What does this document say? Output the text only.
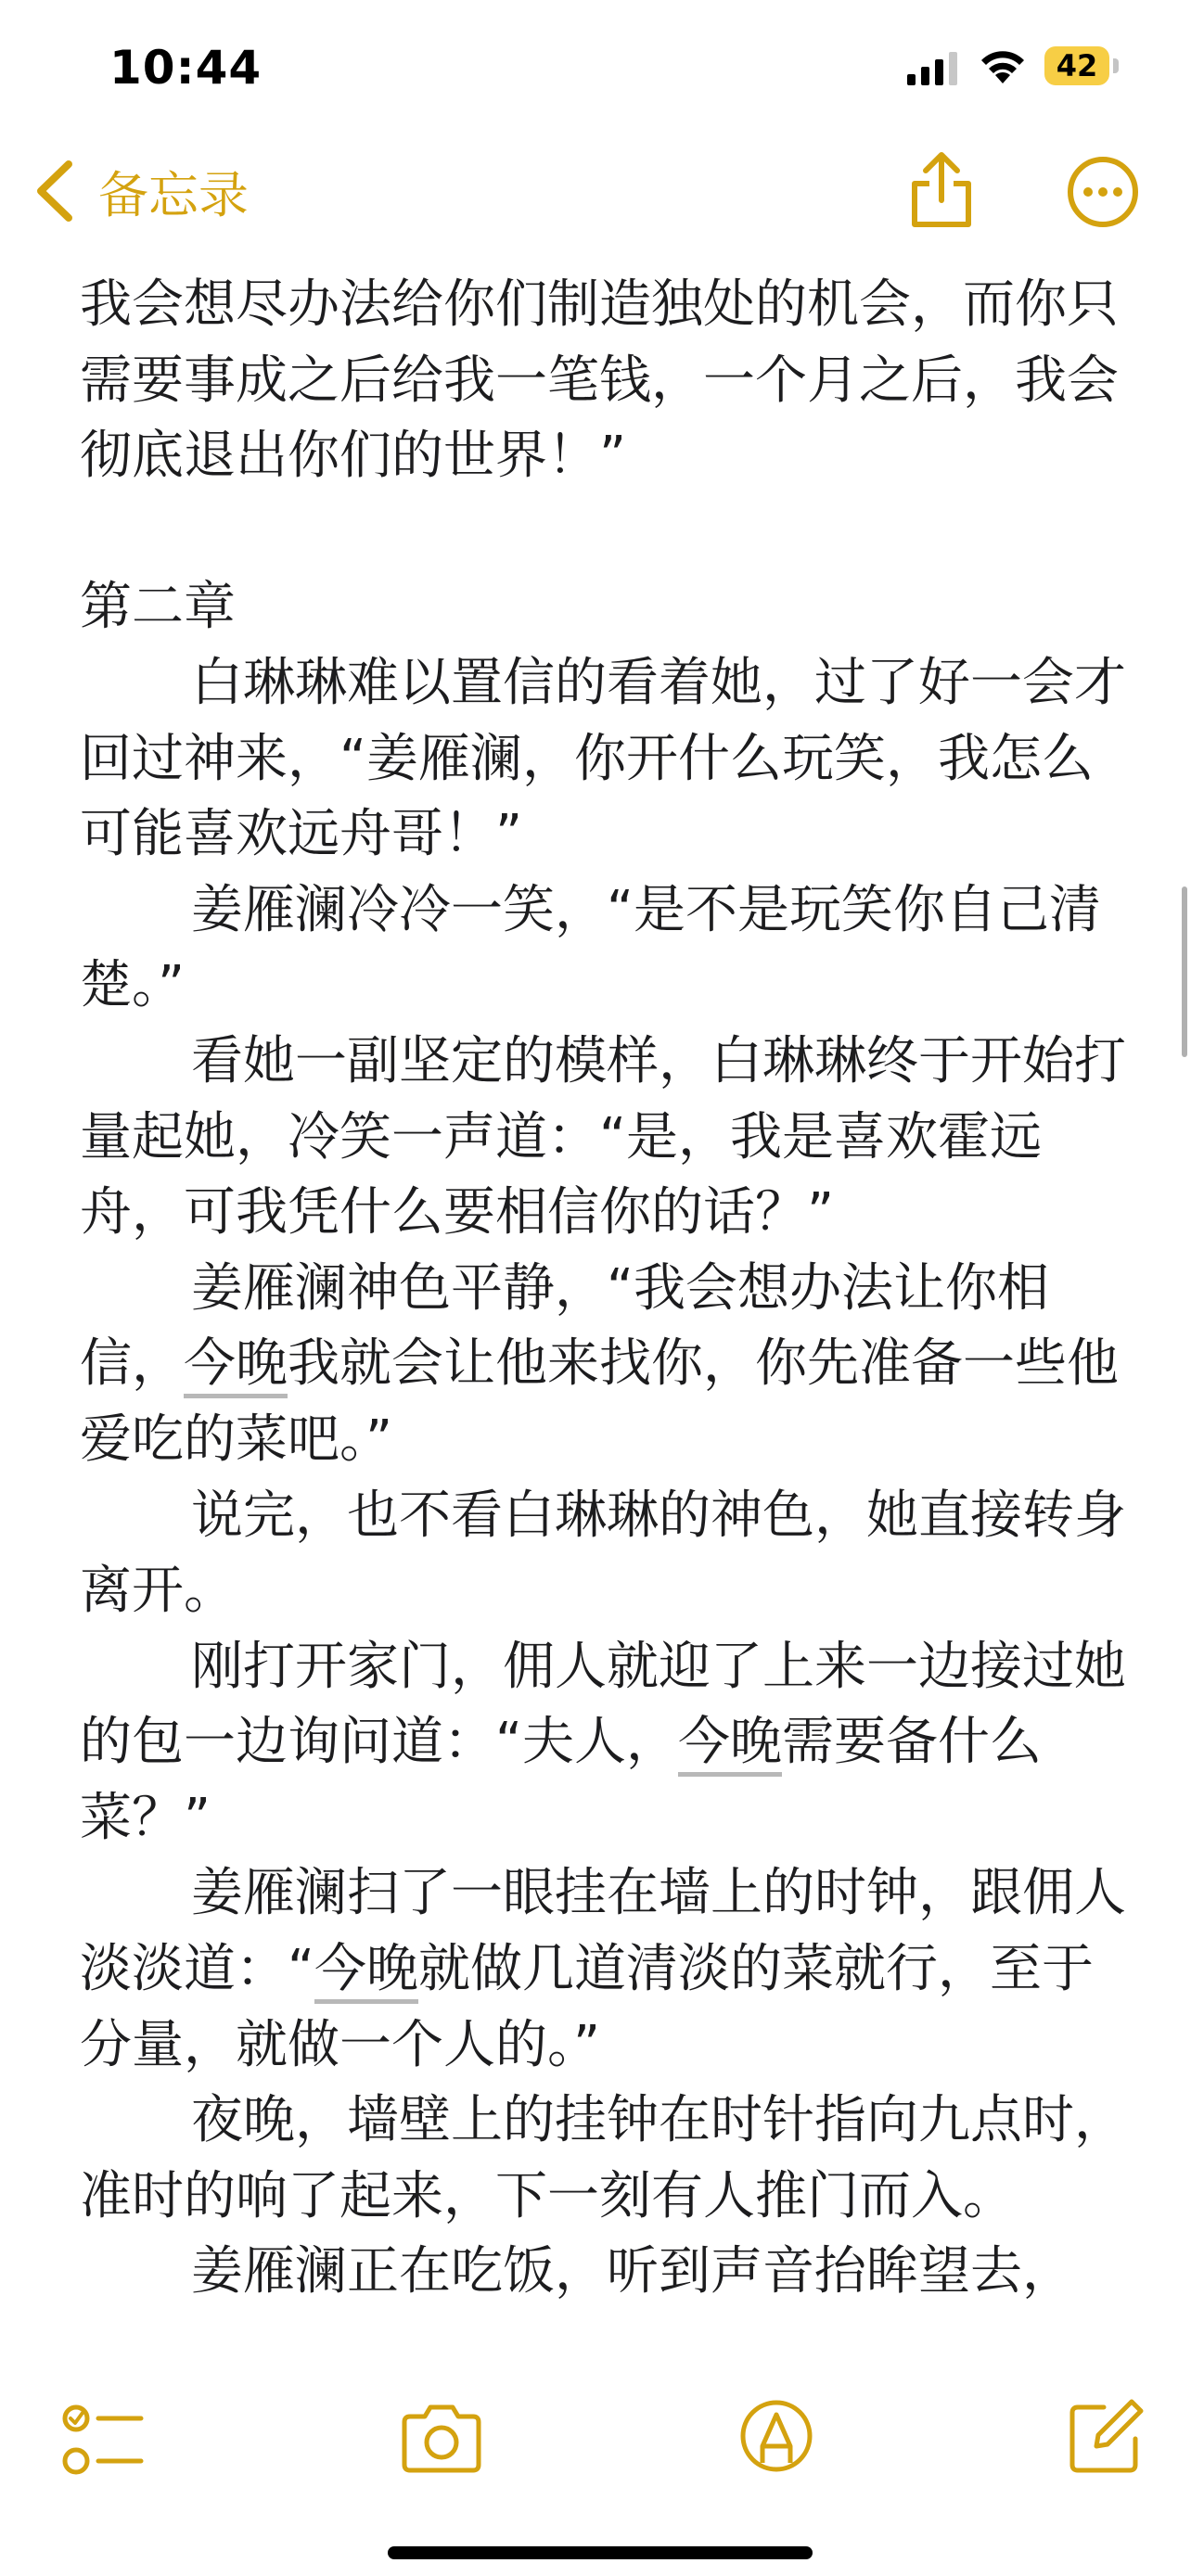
10:44	42
备忘录

我会想尽办法给你们制造独处的机会，而你只需要事成之后给我一笔钱，一个月之后，我会彻底退出你们的世界！”

第二章

白琳琳难以置信的看着她，过了好一会才回过神来，“姜雁澜，你开什么玩笑，我怎么可能喜欢远舟哥！”

姜雁澜冷冷一笑，“是不是玩笑你自己清楚。”

看她一副坚定的模样，白琳琳终于开始打量起她，冷笑一声道：“是，我是喜欢霍远舟，可我凭什么要相信你的话？”

姜雁澜神色平静，“我会想办法让你相信，今晚我就会让他来找你，你先准备一些他爱吃的菜吧。”

说完，也不看白琳琳的神色，她直接转身离开。

刚打开家门，佣人就迎了上来一边接过她的包一边询问道：“夫人，今晚需要备什么菜？”

姜雁澜扫了一眼挂在墙上的时钟，跟佣人淡淡道：“今晚就做几道清淡的菜就行，至于分量，就做一个人的。”

夜晚，墙壁上的挂钟在时针指向九点时，准时的响了起来，下一刻有人推门而入。

姜雁澜正在吃饭，听到声音抬眸望去，
